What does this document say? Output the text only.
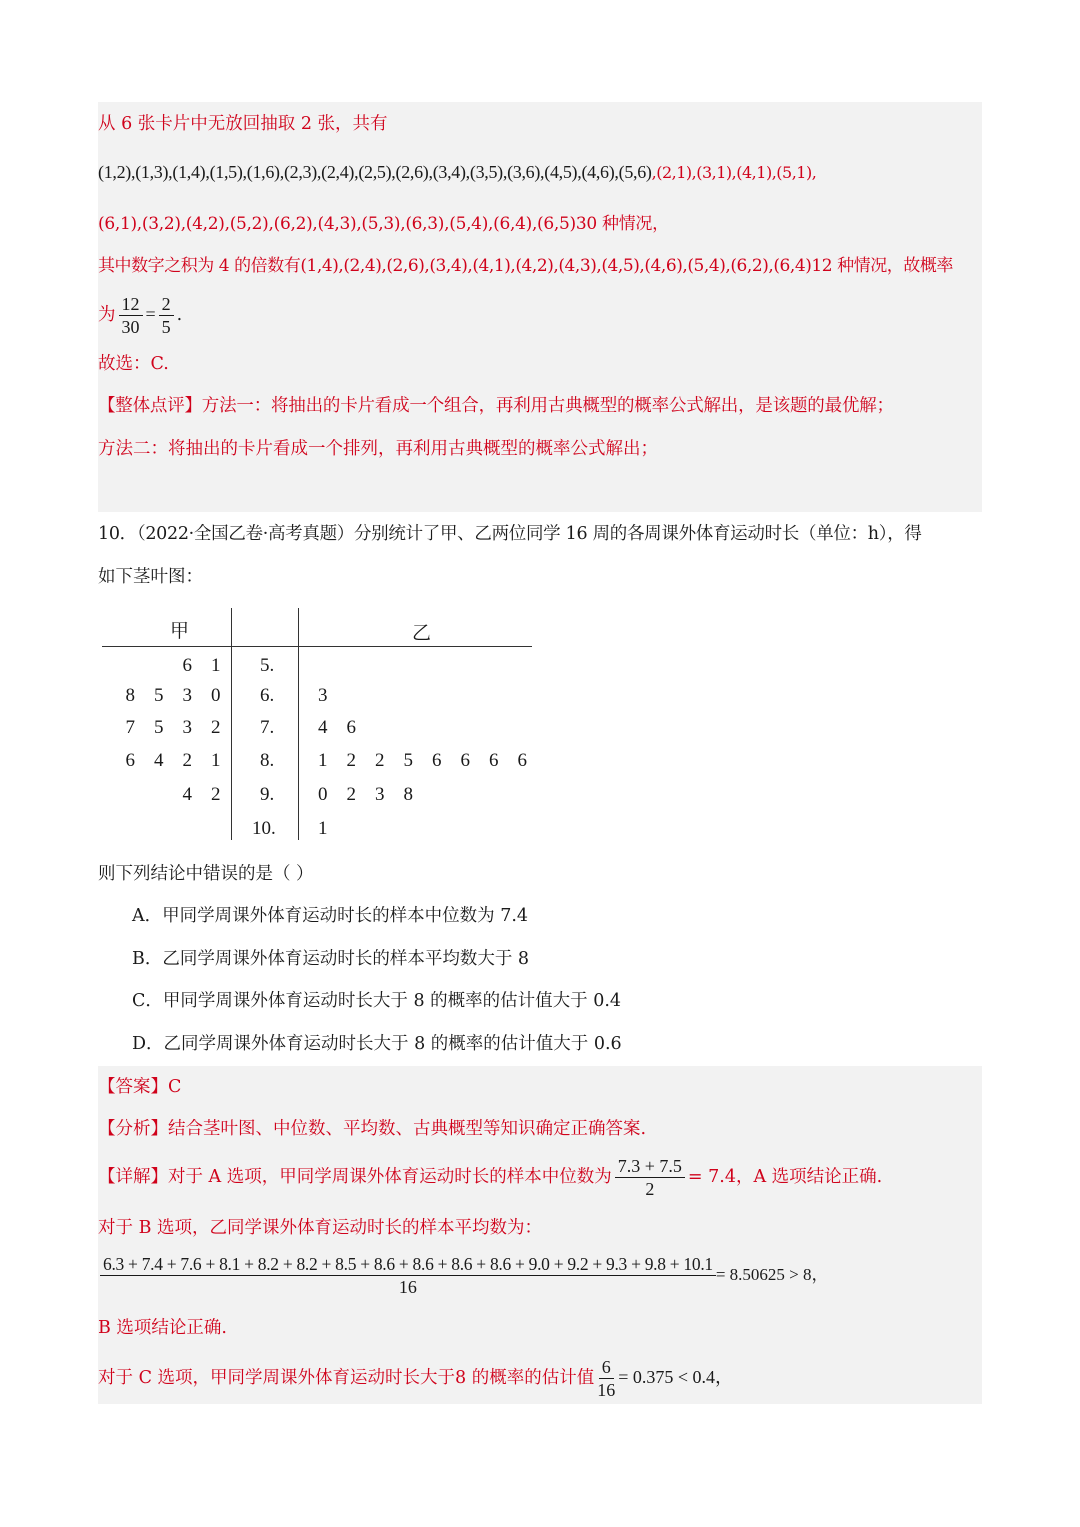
从 6 张卡片中无放回抽取 2 张，共有
(1,2),(1,3),(1,4),(1,5),(1,6),(2,3),(2,4),(2,5),(2,6),(3,4),(3,5),(3,6),(4,5),(4,6),(5,6),(2,1),(3,1),(4,1),(5,1),
(6,1),(3,2),(4,2),(5,2),(6,2),(4,3),(5,3),(6,3),(5,4),(6,4),(6,5)30 种情况，
其中数字之积为 4 的倍数有(1,4),(2,4),(2,6),(3,4),(4,1),(4,2),(4,3),(4,5),(4,6),(5,4),(6,2),(6,4)12 种情况，故概率
为 $\frac{12}{30} = \frac{2}{5}$ .
故选：C.
【整体点评】方法一：将抽出的卡片看成一个组合，再利用古典概型的概率公式解出，是该题的最优解；
方法二：将抽出的卡片看成一个排列，再利用古典概型的概率公式解出；
10．（2022·全国乙卷·高考真题）分别统计了甲、乙两位同学 16 周的各周课外体育运动时长（单位：h），得
如下茎叶图：
甲	乙
6 1 5.
8 5 3 0 6. 3
7 5 3 2 7. 4 6
6 4 2 1 8. 1 2 2 5 6 6 6 6
4 2 9. 0 2 3 8
10. 1
则下列结论中错误的是（ ）
A．甲同学周课外体育运动时长的样本中位数为 7.4
B．乙同学周课外体育运动时长的样本平均数大于 8
C．甲同学周课外体育运动时长大于 8 的概率的估计值大于 0.4
D．乙同学周课外体育运动时长大于 8 的概率的估计值大于 0.6
【答案】C
【分析】结合茎叶图、中位数、平均数、古典概型等知识确定正确答案.
【详解】对于 A 选项，甲同学周课外体育运动时长的样本中位数为 $\frac{7.3 + 7.5}{2} = 7.4$，A 选项结论正确.
对于 B 选项，乙同学课外体育运动时长的样本平均数为：
6.3 + 7.4 + 7.6 + 8.1 + 8.2 + 8.2 + 8.5 + 8.6 + 8.6 + 8.6 + 8.6 + 9.0 + 9.2 + 9.3 + 9.8 + 10.1
16
= 8.50625 > 8，
B 选项结论正确.
对于 C 选项，甲同学周课外体育运动时长大于8 的概率的估计值 $\frac{6}{16} = 0.375 < 0.4$，
